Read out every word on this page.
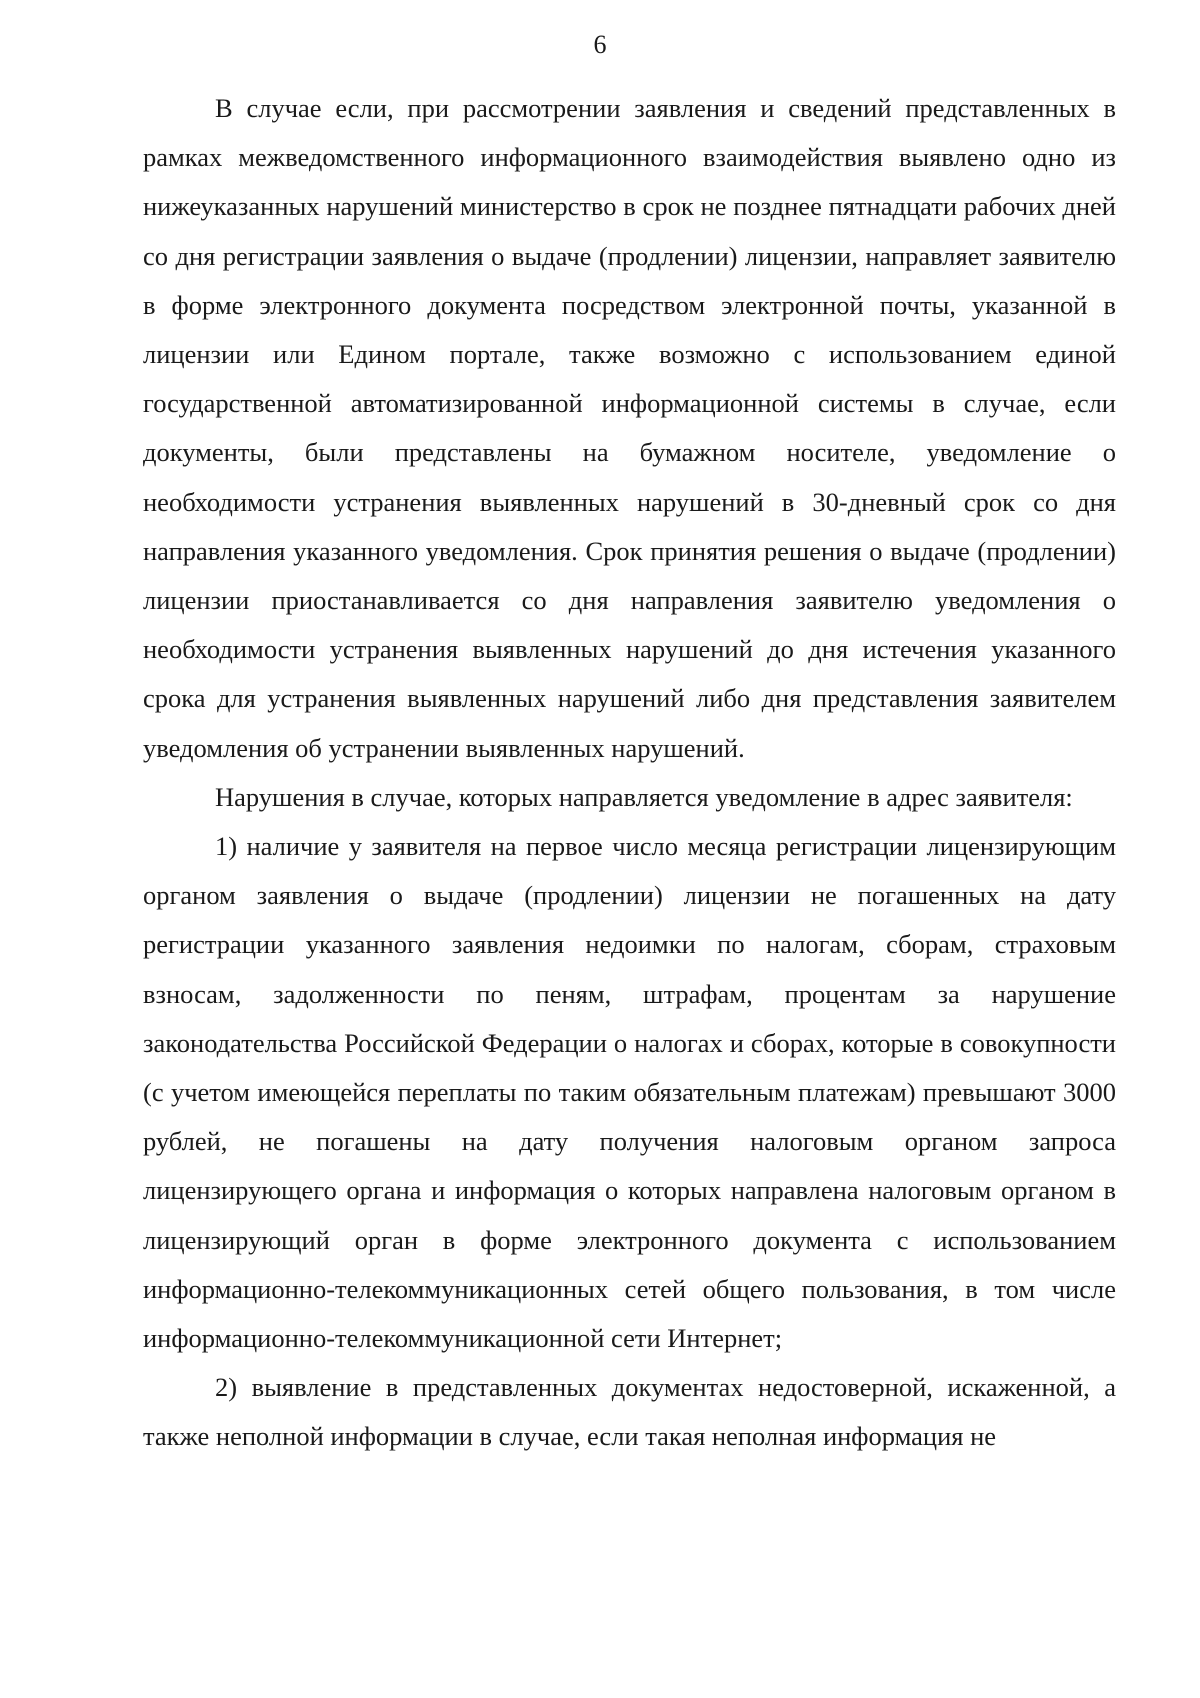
6

В случае если, при рассмотрении заявления и сведений представленных в рамках межведомственного информационного взаимодействия выявлено одно из нижеуказанных нарушений министерство в срок не позднее пятнадцати рабочих дней со дня регистрации заявления о выдаче (продлении) лицензии, направляет заявителю в форме электронного документа посредством электронной почты, указанной в лицензии или Едином портале, также возможно с использованием единой государственной автоматизированной информационной системы в случае, если документы, были представлены на бумажном носителе, уведомление о необходимости устранения выявленных нарушений в 30-дневный срок со дня направления указанного уведомления. Срок принятия решения о выдаче (продлении) лицензии приостанавливается со дня направления заявителю уведомления о необходимости устранения выявленных нарушений до дня истечения указанного срока для устранения выявленных нарушений либо дня представления заявителем уведомления об устранении выявленных нарушений.

Нарушения в случае, которых направляется уведомление в адрес заявителя:

1) наличие у заявителя на первое число месяца регистрации лицензирующим органом заявления о выдаче (продлении) лицензии не погашенных на дату регистрации указанного заявления недоимки по налогам, сборам, страховым взносам, задолженности по пеням, штрафам, процентам за нарушение законодательства Российской Федерации о налогах и сборах, которые в совокупности (с учетом имеющейся переплаты по таким обязательным платежам) превышают 3000 рублей, не погашены на дату получения налоговым органом запроса лицензирующего органа и информация о которых направлена налоговым органом в лицензирующий орган в форме электронного документа с использованием информационно-телекоммуникационных сетей общего пользования, в том числе информационно-телекоммуникационной сети Интернет;

2) выявление в представленных документах недостоверной, искаженной, а также неполной информации в случае, если такая неполная информация не
